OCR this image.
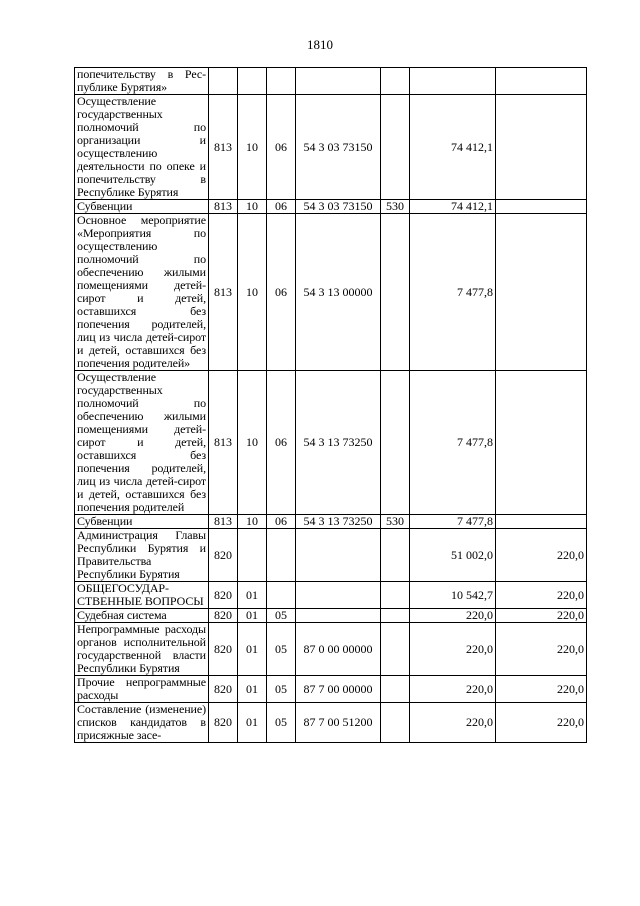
1810
попечительству в Рес-публике Бурятия»							
Осуществление государственных полномочий по организации и осуществлению деятельности по опеке и попечительству в Республике Бурятия	813	10	06	54 3 03 73150		74 412,1	
Субвенции	813	10	06	54 3 03 73150	530	74 412,1	
Основное мероприятие «Мероприятия по осуществлению полномочий по обеспечению жилыми помещениями детей-сирот и детей, оставшихся без попечения родителей, лиц из числа детей-сирот и детей, оставшихся без попечения родителей»	813	10	06	54 3 13 00000		7 477,8	
Осуществление государственных полномочий по обеспечению жилыми помещениями детей-сирот и детей, оставшихся без попечения родителей, лиц из числа детей-сирот и детей, оставшихся без попечения родителей	813	10	06	54 3 13 73250		7 477,8	
Субвенции	813	10	06	54 3 13 73250	530	7 477,8	
Администрация Главы Республики Бурятия и Правительства Республики Бурятия	820					51 002,0	220,0
ОБЩЕГОСУДАР-СТВЕННЫЕ ВОПРОСЫ	820	01				10 542,7	220,0
Судебная система	820	01	05			220,0	220,0
Непрограммные расходы органов исполнительной государственной власти Республики Бурятия	820	01	05	87 0 00 00000		220,0	220,0
Прочие непрограммные расходы	820	01	05	87 7 00 00000		220,0	220,0
Составление (изменение) списков кандидатов в присяжные засе-	820	01	05	87 7 00 51200		220,0	220,0
